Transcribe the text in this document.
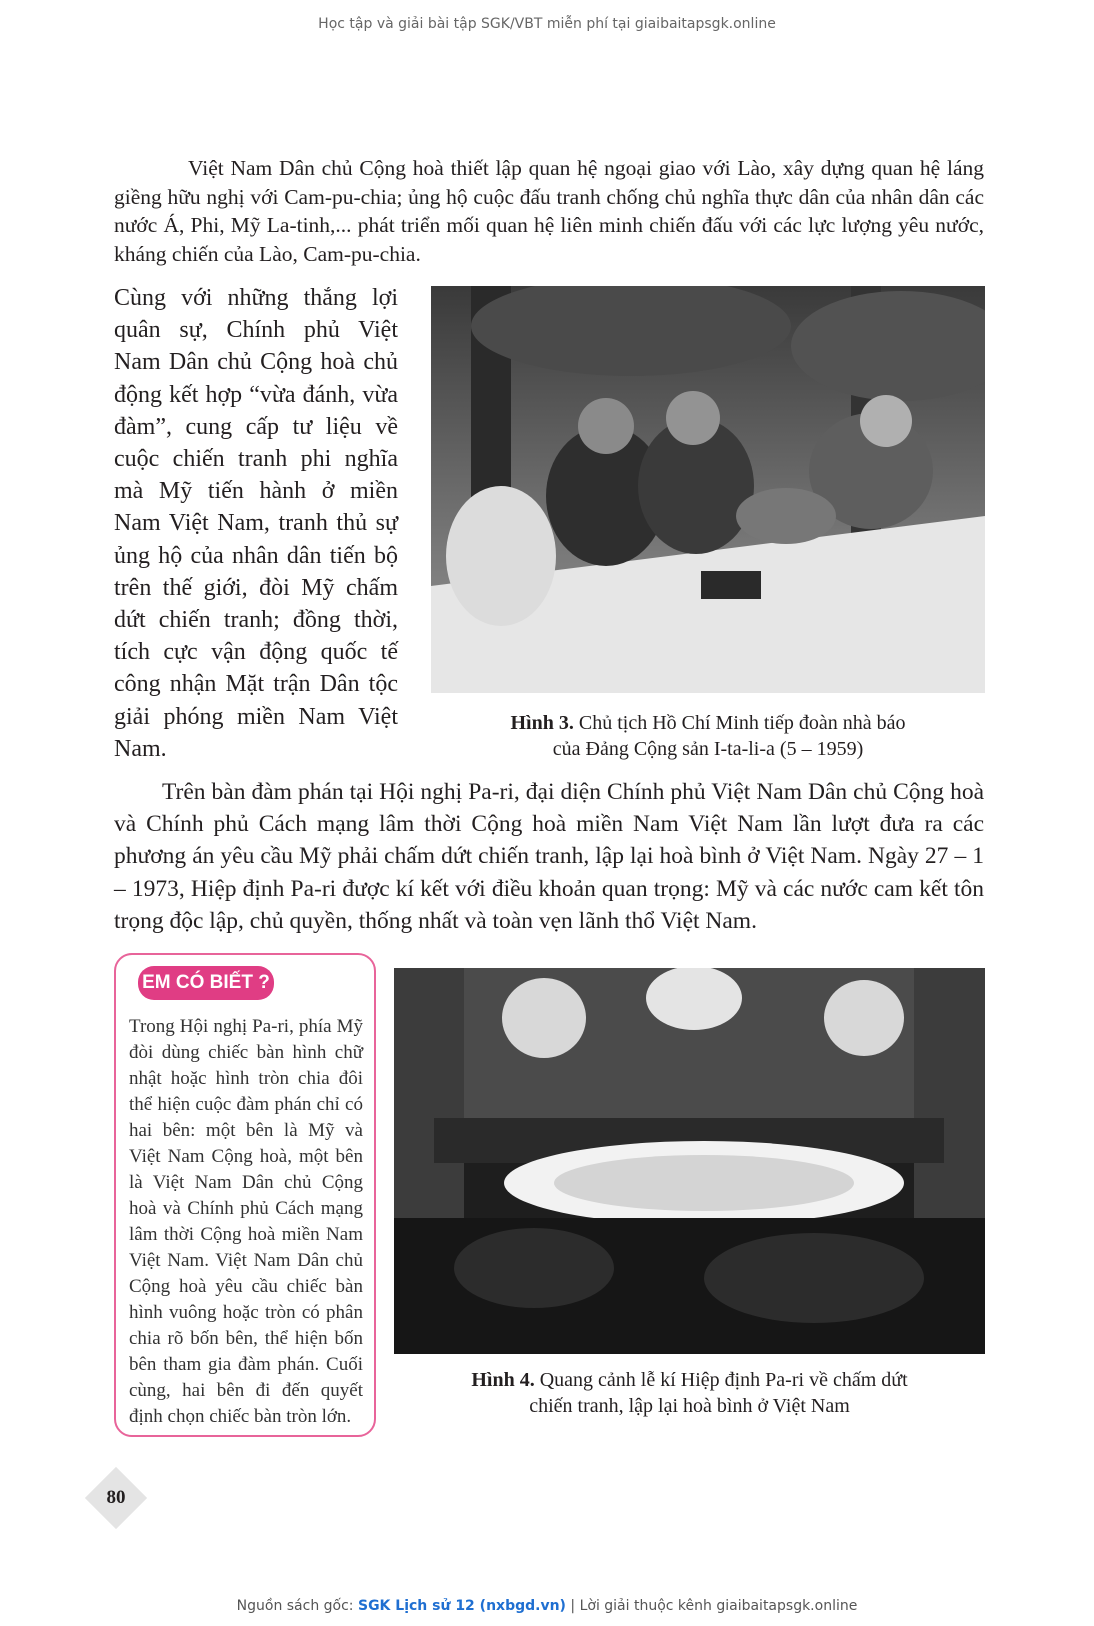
Học tập và giải bài tập SGK/VBT miễn phí tại giaibaitapsgk.online

Việt Nam Dân chủ Cộng hoà thiết lập quan hệ ngoại giao với Lào, xây dựng quan hệ láng giềng hữu nghị với Cam-pu-chia; ủng hộ cuộc đấu tranh chống chủ nghĩa thực dân của nhân dân các nước Á, Phi, Mỹ La-tinh,... phát triển mối quan hệ liên minh chiến đấu với các lực lượng yêu nước, kháng chiến của Lào, Cam-pu-chia.

Cùng với những thắng lợi quân sự, Chính phủ Việt Nam Dân chủ Cộng hoà chủ động kết hợp “vừa đánh, vừa đàm”, cung cấp tư liệu về cuộc chiến tranh phi nghĩa mà Mỹ tiến hành ở miền Nam Việt Nam, tranh thủ sự ủng hộ của nhân dân tiến bộ trên thế giới, đòi Mỹ chấm dứt chiến tranh; đồng thời, tích cực vận động quốc tế công nhận Mặt trận Dân tộc giải phóng miền Nam Việt Nam.

Hình 3. Chủ tịch Hồ Chí Minh tiếp đoàn nhà báo
của Đảng Cộng sản I-ta-li-a (5 – 1959)

Trên bàn đàm phán tại Hội nghị Pa-ri, đại diện Chính phủ Việt Nam Dân chủ Cộng hoà và Chính phủ Cách mạng lâm thời Cộng hoà miền Nam Việt Nam lần lượt đưa ra các phương án yêu cầu Mỹ phải chấm dứt chiến tranh, lập lại hoà bình ở Việt Nam. Ngày 27 – 1 – 1973, Hiệp định Pa-ri được kí kết với điều khoản quan trọng: Mỹ và các nước cam kết tôn trọng độc lập, chủ quyền, thống nhất và toàn vẹn lãnh thổ Việt Nam.

EM CÓ BIẾT ?

Trong Hội nghị Pa-ri, phía Mỹ đòi dùng chiếc bàn hình chữ nhật hoặc hình tròn chia đôi thể hiện cuộc đàm phán chỉ có hai bên: một bên là Mỹ và Việt Nam Cộng hoà, một bên là Việt Nam Dân chủ Cộng hoà và Chính phủ Cách mạng lâm thời Cộng hoà miền Nam Việt Nam. Việt Nam Dân chủ Cộng hoà yêu cầu chiếc bàn hình vuông hoặc tròn có phân chia rõ bốn bên, thể hiện bốn bên tham gia đàm phán. Cuối cùng, hai bên đi đến quyết định chọn chiếc bàn tròn lớn.

Hình 4. Quang cảnh lễ kí Hiệp định Pa-ri về chấm dứt
chiến tranh, lập lại hoà bình ở Việt Nam

80
Nguồn sách gốc: SGK Lịch sử 12 (nxbgd.vn) | Lời giải thuộc kênh giaibaitapsgk.online
